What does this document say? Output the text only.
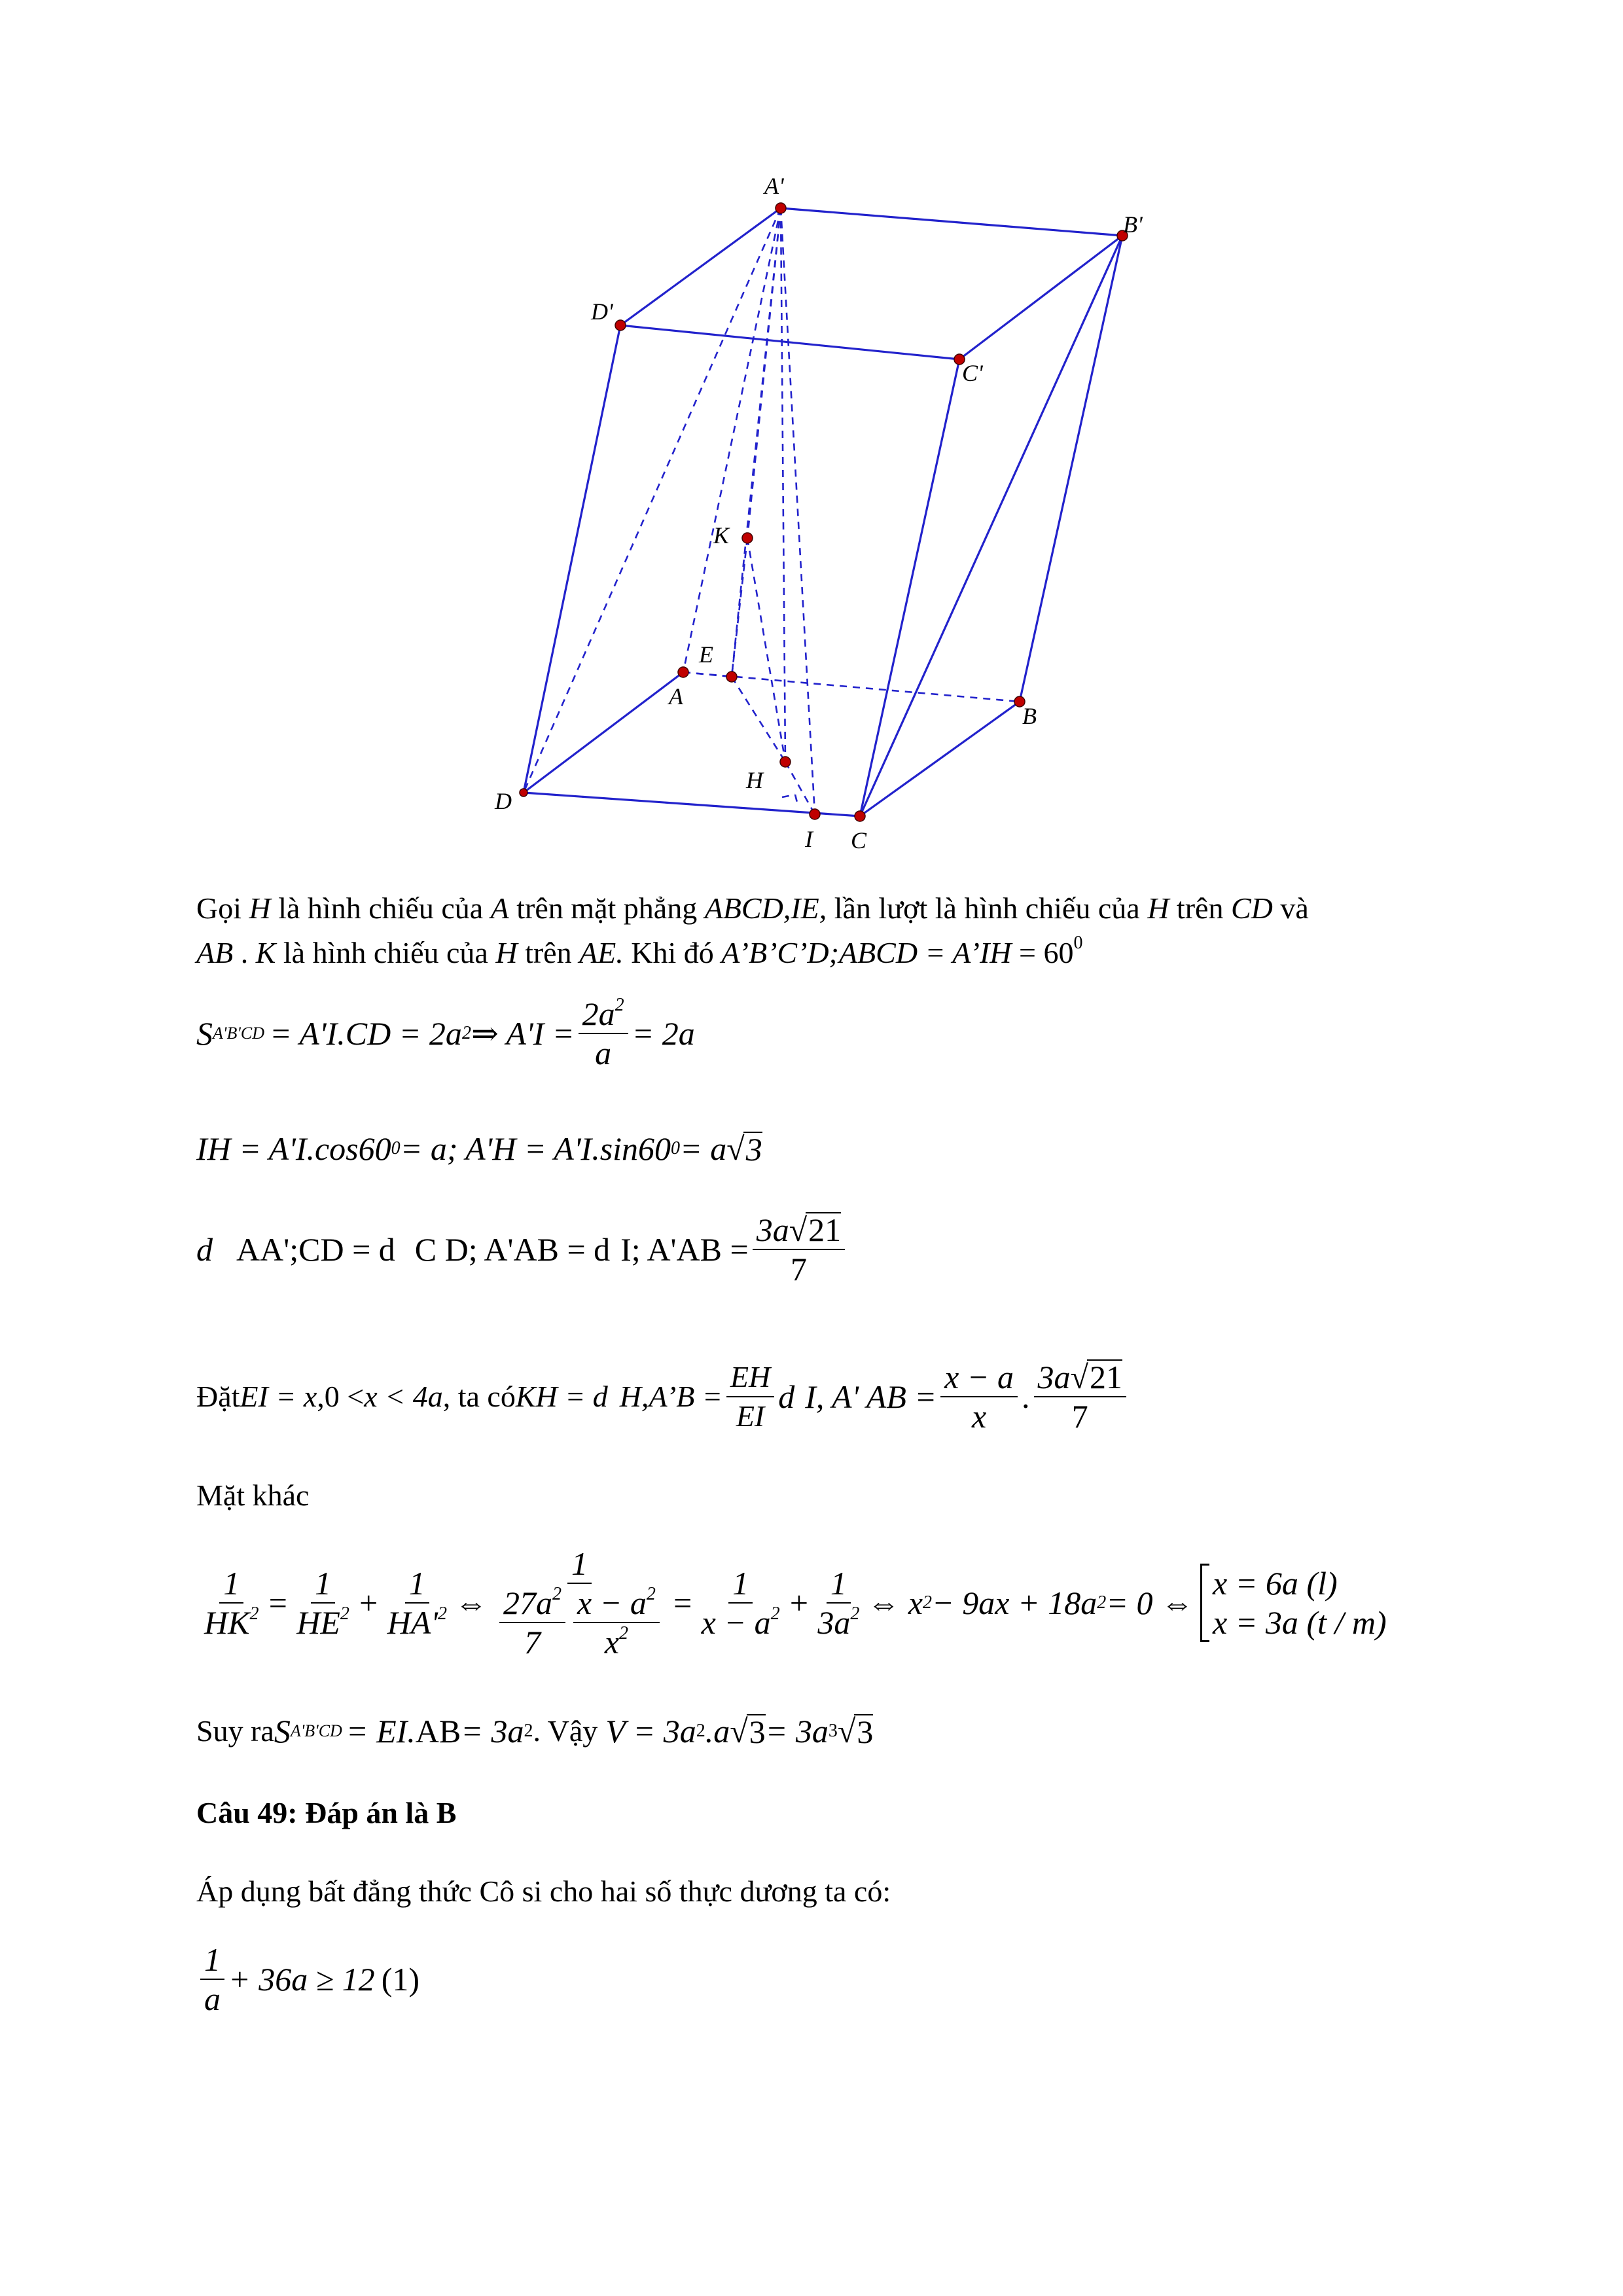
A'
B'
D'
C'
K
E
A
B
H
D
I C
Gọi H là hình chiếu của A trên mặt phẳng ABCD,IE, lần lượt là hình chiếu của H trên CD và
AB . K là hình chiếu của H trên AE. Khi đó A’B’C’D;ABCD = A’IH = $60^0$
S A'B'CD = A'I.CD = 2a 2 ⇒ $A'I = \frac{2a^2}{a} = 2a$
IH = A'I.cos60 0 = a; A'H = A'I.sin60 0 = a √ 3
d AA';CD = d C D; A'AB = d I; $A'AB = \frac{3a√21}{7}$
Đặt EI = x ,0 < x < 4a , ta có KH = d H,A’B = $\frac{EH}{EI}$ d I, A' AB = $\frac{x - a}{x}$ . $\frac{3a√21}{7}$
Mặt khác
$\frac{1}{HK^2} = \frac{1}{HE^2} + \frac{1}{HA'^2}$ ⇔ $\frac{1}{\frac{27a^2}{7} \frac{x - a^2}{x^2}} = \frac{1}{x - a^2} + \frac{1}{3a^2}$ ⇔ x 2 − 9ax + 18a 2 = 0 ⇔
x = 6a (l)
x = 3a (t / m)
Suy ra S A'B'CD = EI. AB = 3a 2 . Vậy V = 3a 2 .a √ 3 = 3a 3 √ 3
Câu 49: Đáp án là B
Áp dụng bất đẳng thức Cô si cho hai số thực dương ta có:
$\frac{1}{a} + 36a \ge 12$ (1)
